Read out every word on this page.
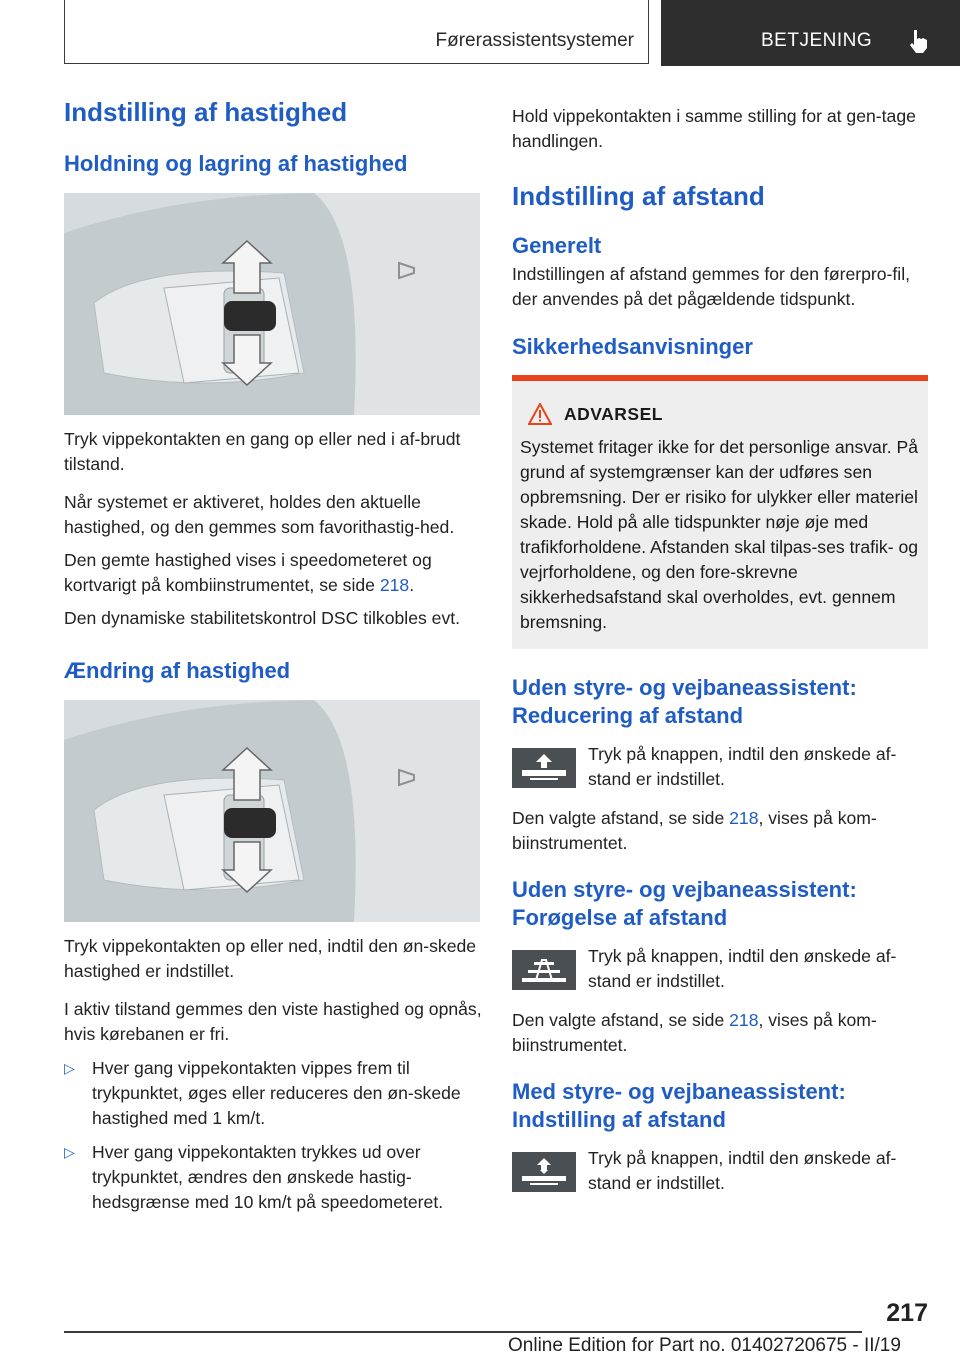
Førerassistentsystemer	BETJENING
Indstilling af hastighed
Holdning og lagring af hastighed

Tryk vippekontakten en gang op eller ned i af-brudt tilstand.

Når systemet er aktiveret, holdes den aktuelle hastighed, og den gemmes som favorithastig-hed.

Den gemte hastighed vises i speedometeret og kortvarigt på kombiinstrumentet, se side 218.

Den dynamiske stabilitetskontrol DSC tilkobles evt.

Ændring af hastighed

Tryk vippekontakten op eller ned, indtil den øn-skede hastighed er indstillet.

I aktiv tilstand gemmes den viste hastighed og opnås, hvis kørebanen er fri.

▷ Hver gang vippekontakten vippes frem til trykpunktet, øges eller reduceres den øn-skede hastighed med 1 km/t.

▷ Hver gang vippekontakten trykkes ud over trykpunktet, ændres den ønskede hastig-hedsgrænse med 10 km/t på speedometeret.

Hold vippekontakten i samme stilling for at gen-tage handlingen.

Indstilling af afstand
Generelt

Indstillingen af afstand gemmes for den førerpro-fil, der anvendes på det pågældende tidspunkt.

Sikkerhedsanvisninger
ADVARSEL

Systemet fritager ikke for det personlige ansvar. På grund af systemgrænser kan der udføres sen opbremsning. Der er risiko for ulykker eller materiel skade. Hold på alle tidspunkter nøje øje med trafikforholdene. Afstanden skal tilpas-ses trafik- og vejrforholdene, og den fore-skrevne sikkerhedsafstand skal overholdes, evt. gennem bremsning.

Uden styre- og vejbaneassistent: Reducering af afstand

Tryk på knappen, indtil den ønskede af-stand er indstillet.

Den valgte afstand, se side 218, vises på kom-biinstrumentet.

Uden styre- og vejbaneassistent: Forøgelse af afstand

Tryk på knappen, indtil den ønskede af-stand er indstillet.

Den valgte afstand, se side 218, vises på kom-biinstrumentet.

Med styre- og vejbaneassistent: Indstilling af afstand

Tryk på knappen, indtil den ønskede af-stand er indstillet.

217
Online Edition for Part no. 01402720675 - II/19
